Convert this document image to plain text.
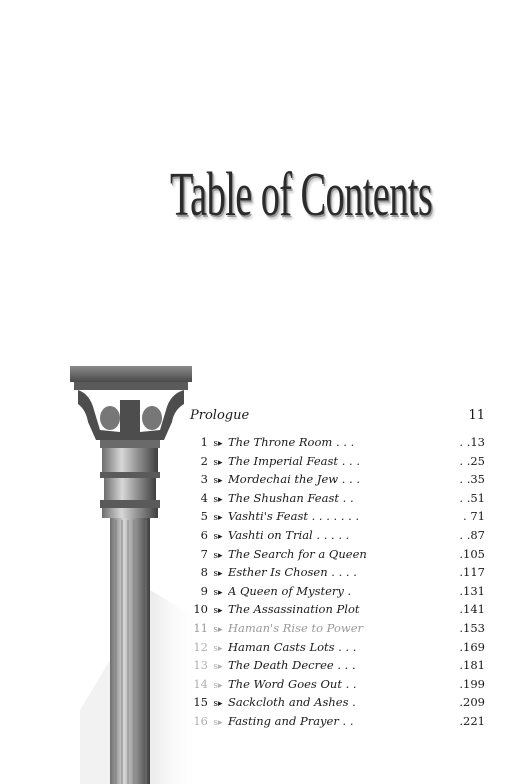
Table of Contents
Prologue	11
1 s▸ The Throne Room . . .	. .13
2 s▸ The Imperial Feast . . .	. .25
3 s▸ Mordechai the Jew . . .	. .35
4 s▸ The Shushan Feast . .	. .51
5 s▸ Vashti's Feast . . . . . . .	. 71
6 s▸ Vashti on Trial . . . . .	. .87
7 s▸ The Search for a Queen	.105
8 s▸ Esther Is Chosen . . . .	.117
9 s▸ A Queen of Mystery .	.131
10 s▸ The Assassination Plot	.141
11 s▸ Haman's Rise to Power	.153
12 s▸ Haman Casts Lots . . .	.169
13 s▸ The Death Decree . . .	.181
14 s▸ The Word Goes Out . .	.199
15 s▸ Sackcloth and Ashes .	.209
16 s▸ Fasting and Prayer . .	.221
